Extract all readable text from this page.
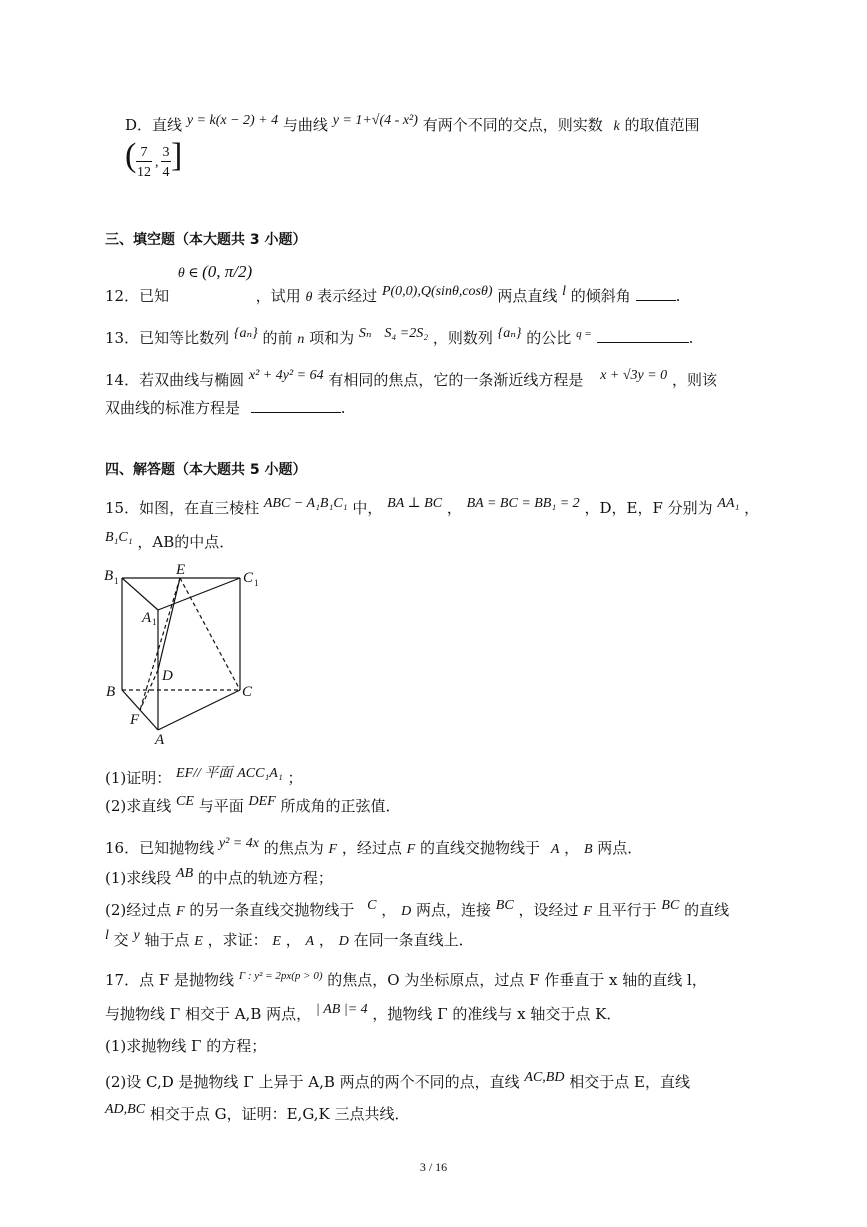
D．直线 y = k(x − 2) + 4 与曲线 y = 1+√(4 - x²) 有两个不同的交点，则实数 k 的取值范围
( 7
12
,
3
4 ]
三、填空题（本大题共 3 小题）
12．已知 θ ∈ (0, π/2) ，试用 θ 表示经过 P(0,0),Q(sinθ,cosθ) 两点直线 l 的倾斜角	.
13．已知等比数列 {aₙ} 的前 n 项和为 Sₙ S₄ =2S₂ ，则数列 {aₙ} 的公比 $^{q =}$	.
14．若双曲线与椭圆 x² + 4y² = 64 有相同的焦点，它的一条渐近线方程是 x + √3y = 0 ，则该
双曲线的标准方程是	.
四、解答题（本大题共 5 小题）
15．如图，在直三棱柱 ABC − A₁B₁C₁ 中， BA ⊥ BC ， BA = BC = BB₁ = 2 ，D，E，F 分别为 AA₁ ，
B₁C₁ ，AB的中点．
B 1
E	C 1
A 1
D
B	C
F
A
(1)证明： EF// 平面 ACC₁A₁ ；
(2)求直线 CE 与平面 DEF 所成角的正弦值．
16．已知抛物线 y² = 4x 的焦点为 F ，经过点 F 的直线交抛物线于 A ， B 两点．
(1)求线段 AB 的中点的轨迹方程；
(2)经过点 F 的另一条直线交抛物线于 C ， D 两点，连接 BC ，设经过 F 且平行于 BC 的直线
l 交 y 轴于点 E ，求证： E ， A ， D 在同一条直线上．
17．点 F 是抛物线 $^{\Gamma : y^2 = 2px(p > 0)}$ 的焦点，O 为坐标原点，过点 F 作垂直于 x 轴的直线 l，
与抛物线 Γ 相交于 A,B 两点， | AB |= 4 ，抛物线 Γ 的准线与 x 轴交于点 K．
(1)求抛物线 Γ 的方程；
(2)设 C,D 是抛物线 Γ 上异于 A,B 两点的两个不同的点，直线 AC,BD 相交于点 E，直线
AD,BC 相交于点 G，证明：E,G,K 三点共线．
3 / 16
